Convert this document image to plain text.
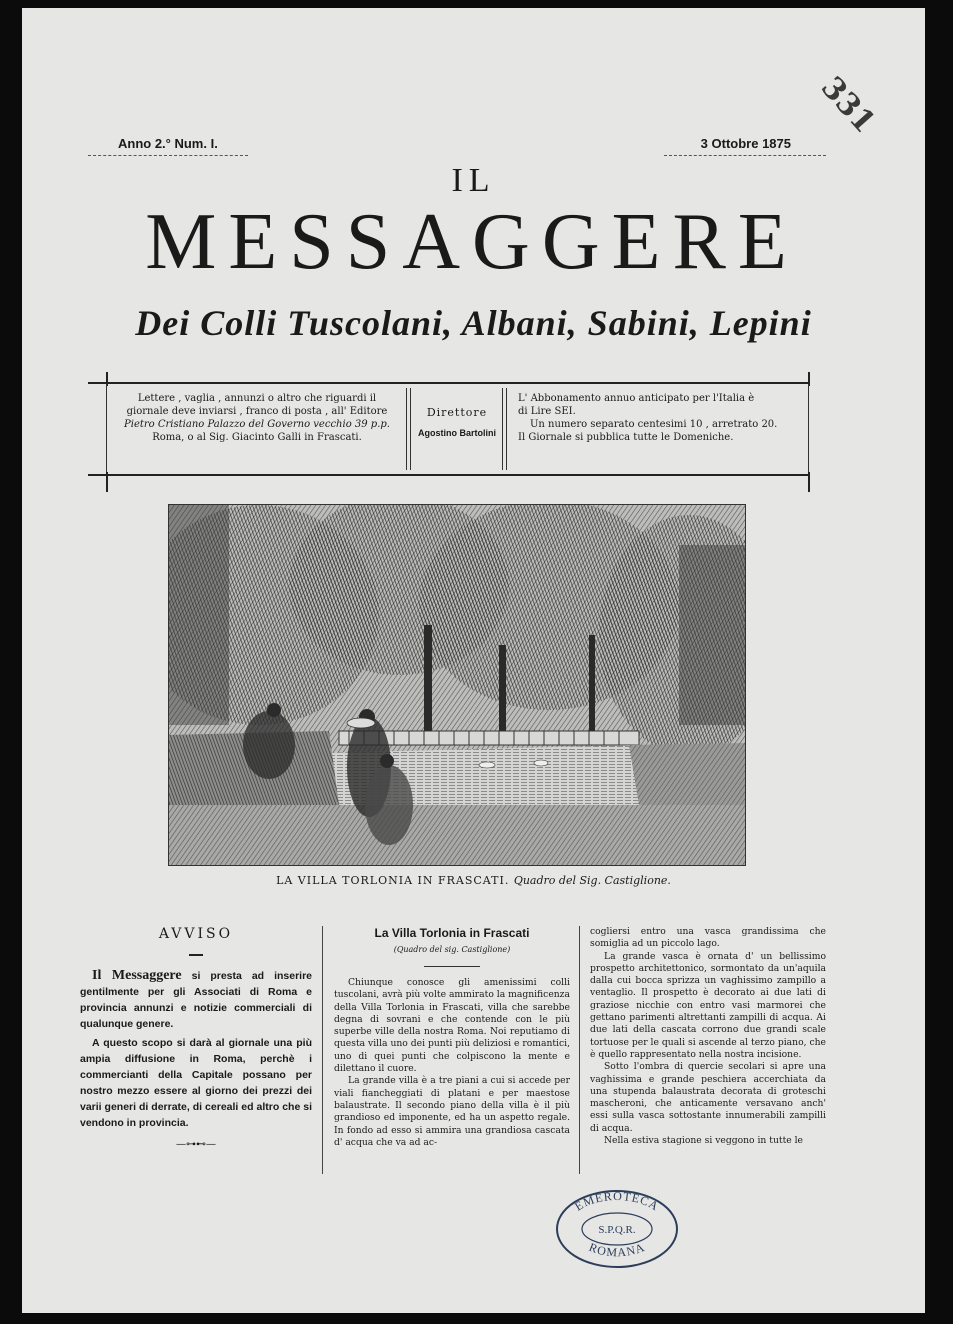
331
Anno 2.° Num. I.	3 Ottobre 1875
IL
MESSAGGERE
Dei Colli Tuscolani, Albani, Sabini, Lepini
Lettere , vaglia , annunzi o altro che riguardi il
giornale deve inviarsi , franco di posta , all' Editore
Pietro Cristiano Palazzo del Governo vecchio 39 p.p.
Roma, o al Sig. Giacinto Galli in Frascati.
Direttore
Agostino Bartolini
L' Abbonamento annuo anticipato per l'Italia è
di Lire SEI.
Un numero separato centesimi 10 , arretrato 20.
Il Giornale si pubblica tutte le Domeniche.
LA VILLA TORLONIA IN FRASCATI. Quadro del Sig. Castiglione.
AVVISO

Il Messaggere si presta ad inserire gentilmente per gli Associati di Roma e provincia annunzi e notizie commerciali di qualunque genere.

A questo scopo si darà al giornale una più ampia diffusione in Roma, perchè i commercianti della Capitale possano per nostro mezzo essere al giorno dei prezzi dei varii generi di derrate, di cereali ed altro che si vendono in provincia.

—⊶⊷—
La Villa Torlonia in Frascati
(Quadro del sig. Castiglione)

Chiunque conosce gli amenissimi colli tuscolani, avrà più volte ammirato la magnificenza della Villa Torlonia in Frascati, villa che sarebbe degna di sovrani e che contende con le più superbe ville della nostra Roma. Noi reputiamo di questa villa uno dei punti più deliziosi e romantici, uno di quei punti che colpiscono la mente e dilettano il cuore.

La grande villa è a tre piani a cui si accede per viali fiancheggiati di platani e per maestose balaustrate. Il secondo piano della villa è il più grandioso ed imponente, ed ha un aspetto regale. In fondo ad esso si ammira una grandiosa cascata d' acqua che va ad ac-

cogliersi entro una vasca grandissima che somiglia ad un piccolo lago.

La grande vasca è ornata d' un bellissimo prospetto architettonico, sormontato da un'aquila dalla cui bocca sprizza un vaghissimo zampillo a ventaglio. Il prospetto è decorato ai due lati di graziose nicchie con entro vasi marmorei che gettano parimenti altrettanti zampilli di acqua. Ai due lati della cascata corrono due grandi scale tortuose per le quali si ascende al terzo piano, che è quello rappresentato nella nostra incisione.

Sotto l'ombra di quercie secolari si apre una vaghissima e grande peschiera accerchiata da una stupenda balaustrata decorata di groteschi mascheroni, che anticamente versavano anch' essi sulla vasca sottostante innumerabili zampilli di acqua.

Nella estiva stagione si veggono in tutte le

EMEROTECA
S.P.Q.R.
ROMANA
